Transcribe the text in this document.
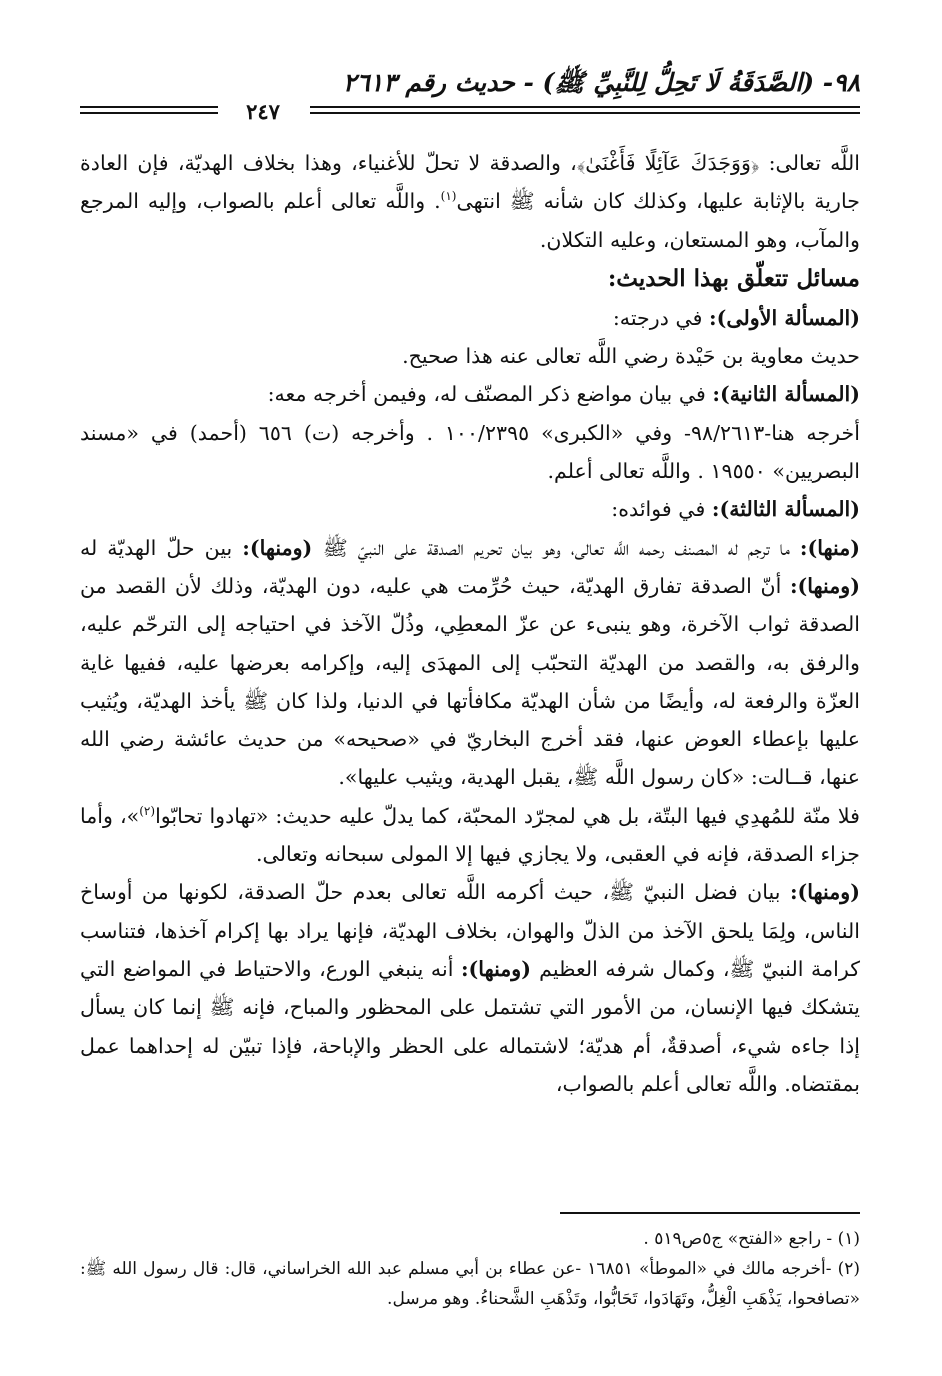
٩٨- (الصَّدَقَةُ لَا تَحِلُّ لِلنَّبِيِّ ﷺ) - حديث رقم ٢٦١٣
٢٤٧

اللَّه تعالى: ﴿وَوَجَدَكَ عَآئِلًا فَأَغْنَىٰ﴾، والصدقة لا تحلّ للأغنياء، وهذا بخلاف الهديّة، فإن العادة جارية بالإثابة عليها، وكذلك كان شأنه ﷺ انتهى$^{(١)}$. واللَّه تعالى أعلم بالصواب، وإليه المرجع والمآب، وهو المستعان، وعليه التكلان.

مسائل تتعلّق بهذا الحديث:

(المسألة الأولى): في درجته:

حديث معاوية بن حَيْدة رضي اللَّه تعالى عنه هذا صحيح.

(المسألة الثانية): في بيان مواضع ذكر المصنّف له، وفيمن أخرجه معه:

أخرجه هنا-٩٨/٢٦١٣- وفي «الكبرى» ١٠٠/٢٣٩٥ . وأخرجه (ت) ٦٥٦ (أحمد) في «مسند البصريين» ١٩٥٥٠ . واللَّه تعالى أعلم.

(المسألة الثالثة): في فوائده:

(منها): ما ترجم له المصنف رحمه اللَّه تعالى، وهو بيان تحريم الصدقة على النبيّ ﷺ (ومنها): بين حلّ الهديّة له (ومنها): أنّ الصدقة تفارق الهديّة، حيث حُرِّمت هي عليه، دون الهديّة، وذلك لأن القصد من الصدقة ثواب الآخرة، وهو ينبىء عن عزّ المعطِي، وذُلّ الآخذ في احتياجه إلى الترحّم عليه، والرفق به، والقصد من الهديّة التحبّب إلى المهدَى إليه، وإكرامه بعرضها عليه، ففيها غاية العزّة والرفعة له، وأيضًا من شأن الهديّة مكافأتها في الدنيا، ولذا كان ﷺ يأخذ الهديّة، ويُثيب عليها بإعطاء العوض عنها، فقد أخرج البخاريّ في «صحيحه» من حديث عائشة رضي الله عنها، قــالت: «كان رسول اللَّه ﷺ، يقبل الهدية، ويثيب عليها».

فلا منّة للمُهدِي فيها البتّة، بل هي لمجرّد المحبّة، كما يدلّ عليه حديث: «تهادوا تحابّوا$^{(٢)}$»، وأما جزاء الصدقة، فإنه في العقبى، ولا يجازي فيها إلا المولى سبحانه وتعالى.

(ومنها): بيان فضل النبيّ ﷺ، حيث أكرمه اللَّه تعالى بعدم حلّ الصدقة، لكونها من أوساخ الناس، ولِمَا يلحق الآخذ من الذلّ والهوان، بخلاف الهديّة، فإنها يراد بها إكرام آخذها، فتناسب كرامة النبيّ ﷺ، وكمال شرفه العظيم (ومنها): أنه ينبغي الورع، والاحتياط في المواضع التي يتشكك فيها الإنسان، من الأمور التي تشتمل على المحظور والمباح، فإنه ﷺ إنما كان يسأل إذا جاءه شيء، أصدقةٌ، أم هديّة؛ لاشتماله على الحظر والإباحة، فإذا تبيّن له إحداهما عمل بمقتضاه. واللَّه تعالى أعلم بالصواب،

(١) - راجع «الفتح» ج٥ص٥١٩ .

(٢) -أخرجه مالك في «الموطأ» ١٦٨٥١ -عن عطاء بن أبي مسلم عبد الله الخراساني، قال: قال رسول الله ﷺ: «تصافحوا، يَذْهَبِ الْغِلُّ، وتَهَادَوا، تَحَابُّوا، وتَذْهَبِ الشَّحناءُ. وهو مرسل.
